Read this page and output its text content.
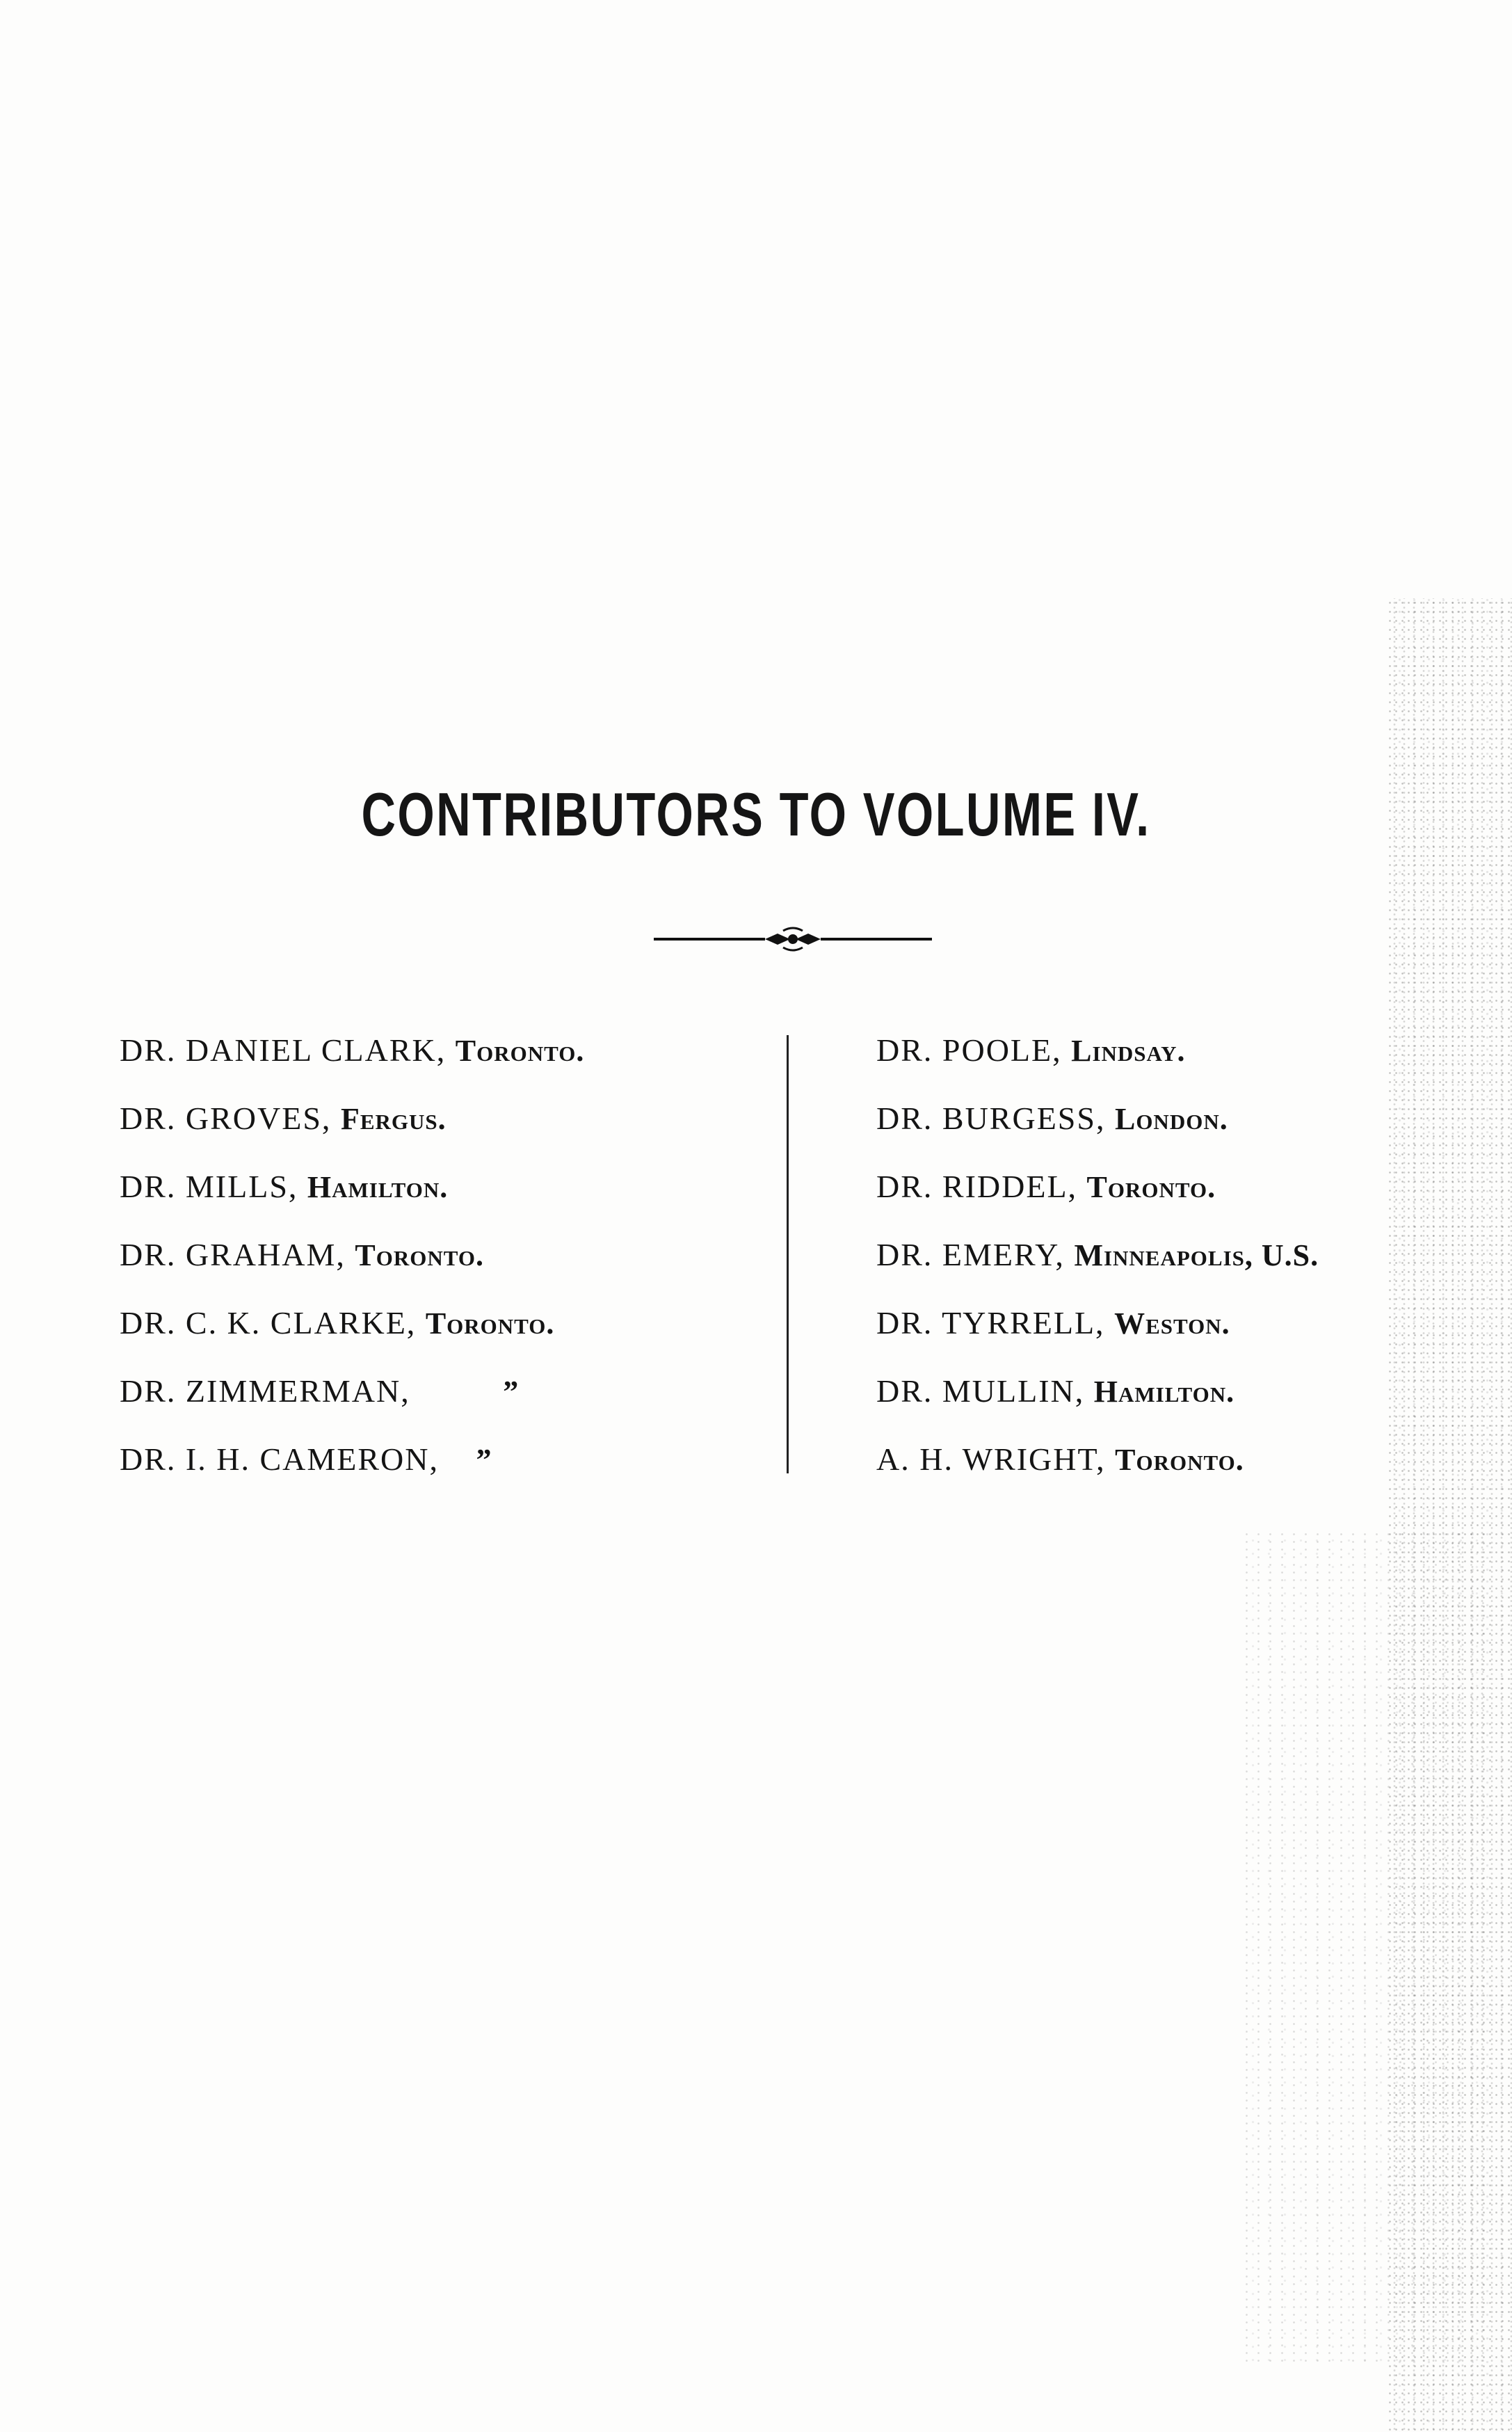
CONTRIBUTORS TO VOLUME IV.
DR. DANIEL CLARK, Toronto.
DR. GROVES, Fergus.
DR. MILLS, Hamilton.
DR. GRAHAM, Toronto.
DR. C. K. CLARKE, Toronto.
DR. ZIMMERMAN,	”
DR. I. H. CAMERON, ”
DR. POOLE, Lindsay.
DR. BURGESS, London.
DR. RIDDEL, Toronto.
DR. EMERY, Minneapolis, U.S.
DR. TYRRELL, Weston.
DR. MULLIN, Hamilton.
A. H. WRIGHT, Toronto.
